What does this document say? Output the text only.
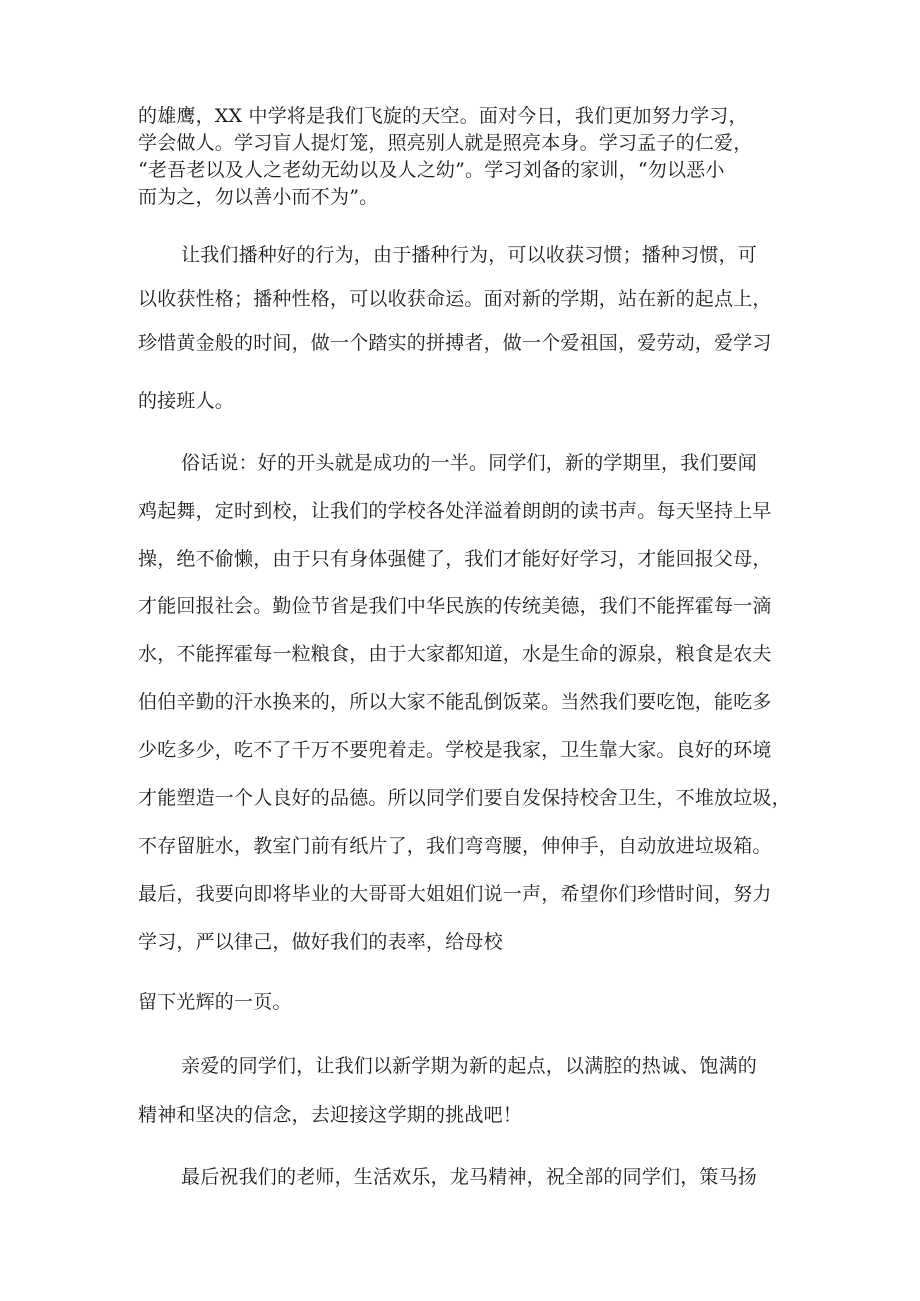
的雄鹰，XX 中学将是我们飞旋的天空。面对今日，我们更加努力学习，
学会做人。学习盲人提灯笼，照亮别人就是照亮本身。学习孟子的仁爱，
“老吾老以及人之老幼无幼以及人之幼”。学习刘备的家训，“勿以恶小
而为之，勿以善小而不为”。
让我们播种好的行为，由于播种行为，可以收获习惯；播种习惯，可
以收获性格；播种性格，可以收获命运。面对新的学期，站在新的起点上，
珍惜黄金般的时间，做一个踏实的拼搏者，做一个爱祖国，爱劳动，爱学习
的接班人。
俗话说：好的开头就是成功的一半。同学们，新的学期里，我们要闻
鸡起舞，定时到校，让我们的学校各处洋溢着朗朗的读书声。每天坚持上早
操，绝不偷懒，由于只有身体强健了，我们才能好好学习，才能回报父母，
才能回报社会。勤俭节省是我们中华民族的传统美德，我们不能挥霍每一滴
水，不能挥霍每一粒粮食，由于大家都知道，水是生命的源泉，粮食是农夫
伯伯辛勤的汗水换来的，所以大家不能乱倒饭菜。当然我们要吃饱，能吃多
少吃多少，吃不了千万不要兜着走。学校是我家，卫生靠大家。良好的环境
才能塑造一个人良好的品德。所以同学们要自发保持校舍卫生，不堆放垃圾，
不存留脏水，教室门前有纸片了，我们弯弯腰，伸伸手，自动放进垃圾箱。
最后，我要向即将毕业的大哥哥大姐姐们说一声，希望你们珍惜时间，努力
学习，严以律己，做好我们的表率，给母校
留下光辉的一页。
亲爱的同学们，让我们以新学期为新的起点，以满腔的热诚、饱满的
精神和坚决的信念，去迎接这学期的挑战吧！
最后祝我们的老师，生活欢乐，龙马精神，祝全部的同学们，策马扬
